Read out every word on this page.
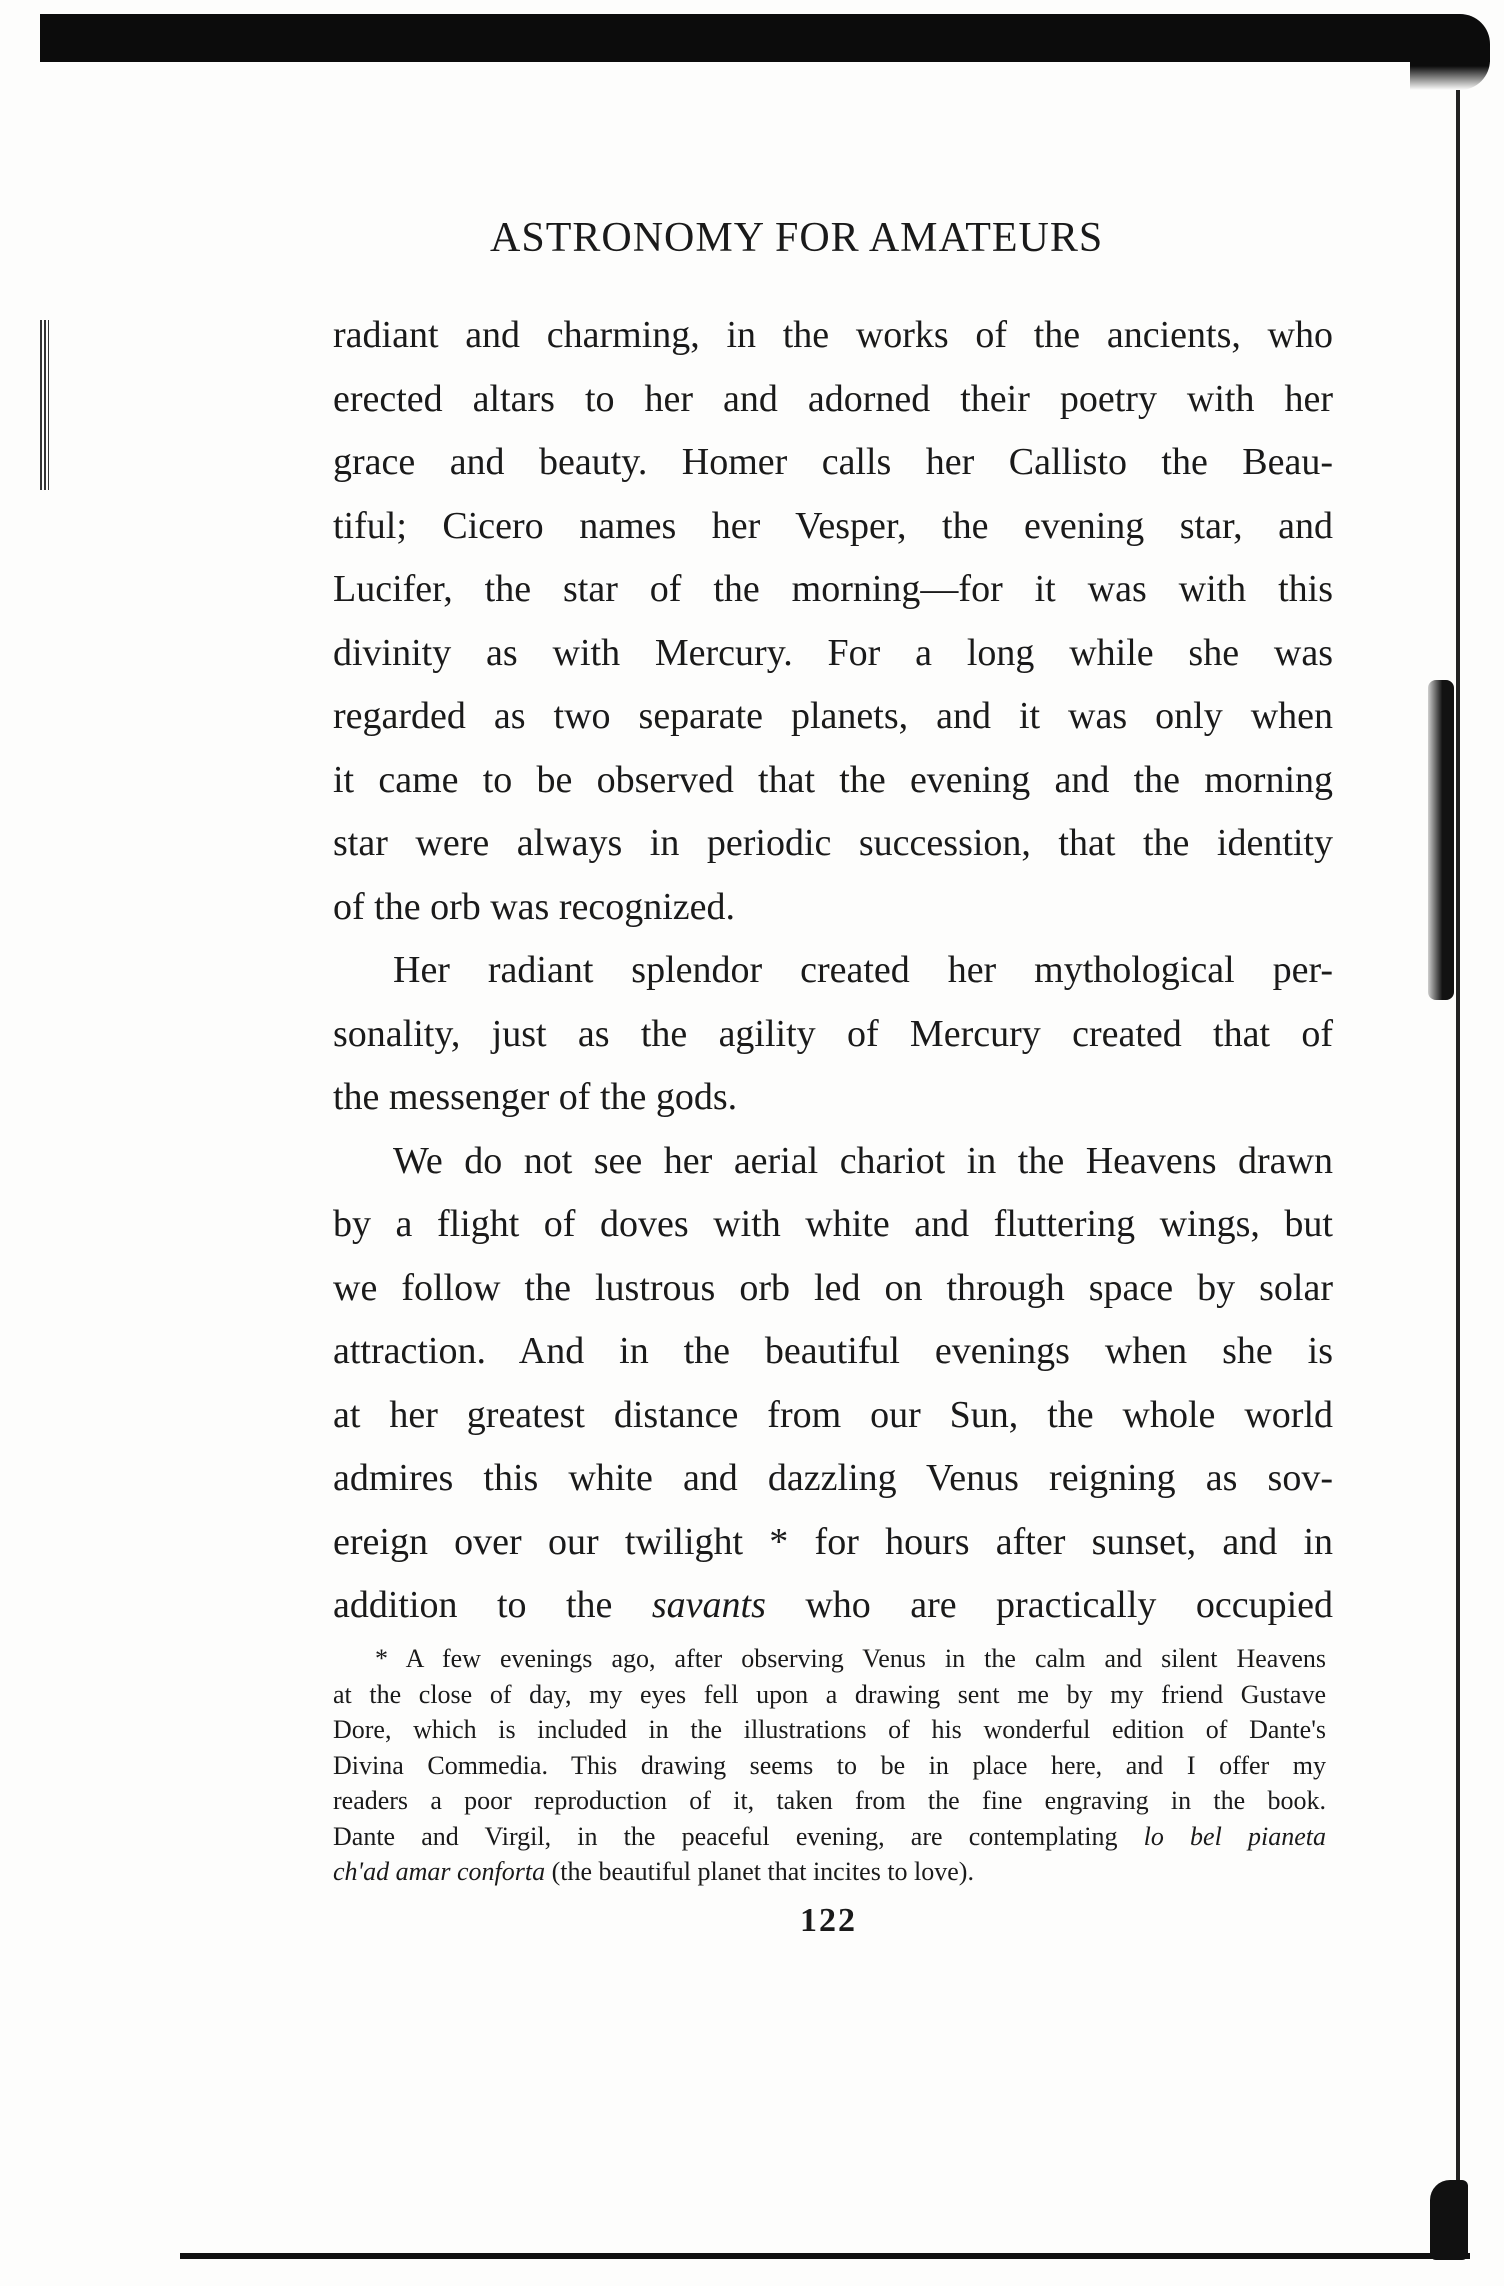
ASTRONOMY FOR AMATEURS
radiant and charming, in the works of the ancients, who
erected altars to her and adorned their poetry with her
grace and beauty. Homer calls her Callisto the Beau-
tiful; Cicero names her Vesper, the evening star, and
Lucifer, the star of the morning—for it was with this
divinity as with Mercury. For a long while she was
regarded as two separate planets, and it was only when
it came to be observed that the evening and the morning
star were always in periodic succession, that the identity
of the orb was recognized.
Her radiant splendor created her mythological per-
sonality, just as the agility of Mercury created that of
the messenger of the gods.
We do not see her aerial chariot in the Heavens drawn
by a flight of doves with white and fluttering wings, but
we follow the lustrous orb led on through space by solar
attraction. And in the beautiful evenings when she is
at her greatest distance from our Sun, the whole world
admires this white and dazzling Venus reigning as sov-
ereign over our twilight * for hours after sunset, and in
addition to the savants who are practically occupied
* A few evenings ago, after observing Venus in the calm and silent Heavens
at the close of day, my eyes fell upon a drawing sent me by my friend Gustave
Dore, which is included in the illustrations of his wonderful edition of Dante's
Divina Commedia. This drawing seems to be in place here, and I offer my
readers a poor reproduction of it, taken from the fine engraving in the book.
Dante and Virgil, in the peaceful evening, are contemplating lo bel pianeta
ch'ad amar conforta (the beautiful planet that incites to love).
122
